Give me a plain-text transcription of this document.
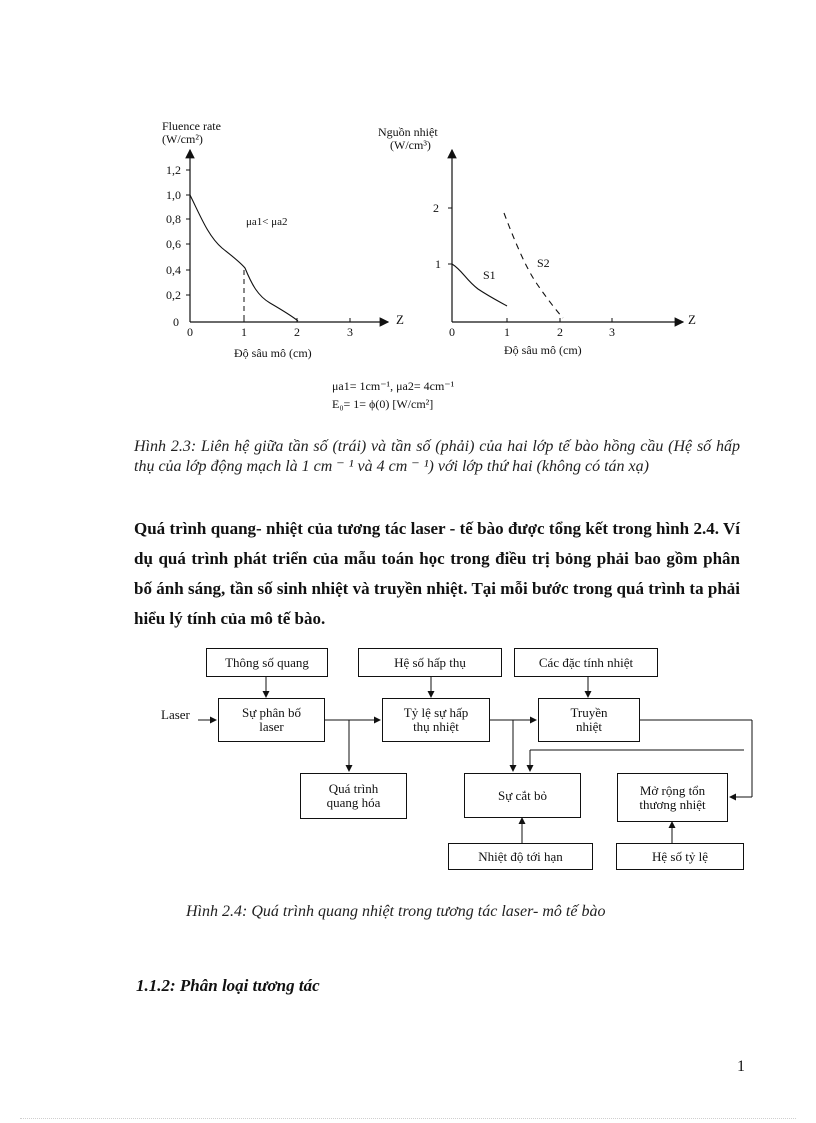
Fluence rate
(W/cm²)
1,2
1,0
0,8
0,6
0,4
0,2
0
0	1	2	3
Z
Độ sâu mô (cm)
μa1< μa2
Nguồn nhiệt
(W/cm³)
2
1
0	1	2	3
Z
Độ sâu mô (cm)
S1
S2
μa1= 1cm⁻¹, μa2= 4cm⁻¹
E₀= 1= ϕ(0) [W/cm²]
Hình 2.3: Liên hệ giữa tần số (trái) và tần số (phải) của hai lớp tế bào hồng cầu (Hệ số hấp thụ của lớp động mạch là 1 cm ⁻ ¹ và 4 cm ⁻ ¹) với lớp thứ hai (không có tán xạ)
Quá trình quang- nhiệt của tương tác laser - tế bào được tổng kết trong hình 2.4. Ví dụ quá trình phát triển của mẫu toán học trong điều trị bỏng phải bao gồm phân bố ánh sáng, tần số sinh nhiệt và truyền nhiệt. Tại mỗi bước trong quá trình ta phải hiểu lý tính của mô tế bào.
Thông số quang	Hệ số hấp thụ	Các đặc tính nhiệt
Laser	Sự phân bố
laser
Tỷ lệ sự hấp
thụ nhiệt
Truyền
nhiệt
Quá trình
quang hóa	Sự cắt bỏ	Mở rộng tổn
thương nhiệt
Nhiệt độ tới hạn	Hệ số tỷ lệ
Hình 2.4: Quá trình quang nhiệt trong tương tác laser- mô tế bào
1.1.2: Phân loại tương tác
1
